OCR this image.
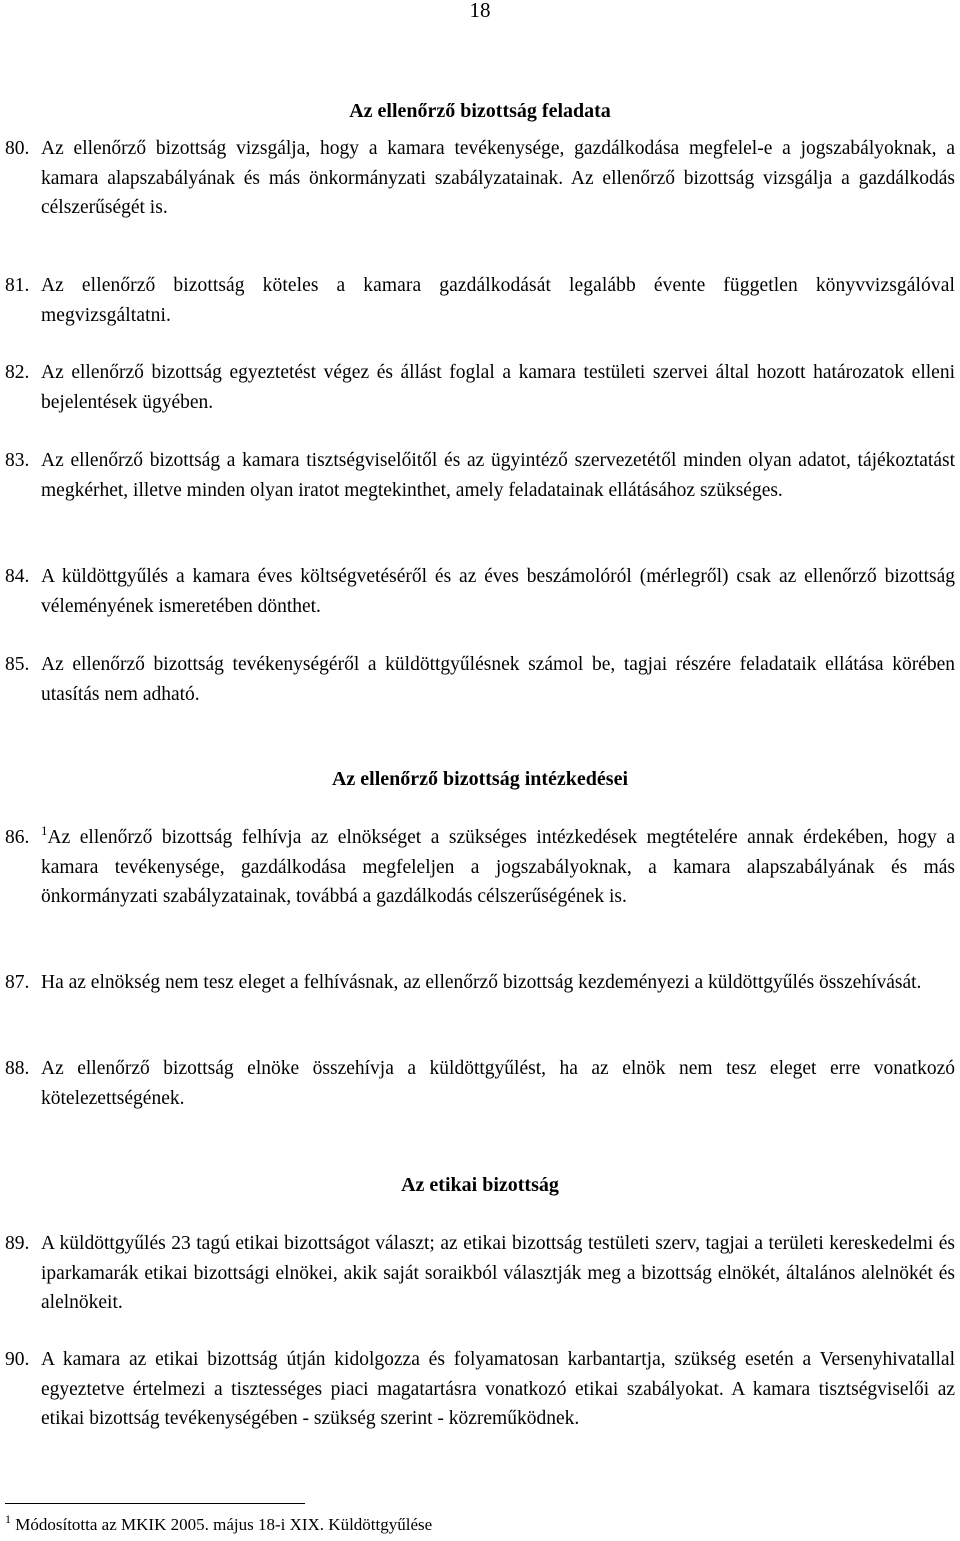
18
Az ellenőrző bizottság feladata
80. Az ellenőrző bizottság vizsgálja, hogy a kamara tevékenysége, gazdálkodása megfelel-e a jogszabályoknak, a kamara alapszabályának és más önkormányzati szabályzatainak. Az ellenőrző bizottság vizsgálja a gazdálkodás célszerűségét is.
81. Az ellenőrző bizottság köteles a kamara gazdálkodását legalább évente független könyvvizsgálóval megvizsgáltatni.
82. Az ellenőrző bizottság egyeztetést végez és állást foglal a kamara testületi szervei által hozott határozatok elleni bejelentések ügyében.
83. Az ellenőrző bizottság a kamara tisztségviselőitől és az ügyintéző szervezetétől minden olyan adatot, tájékoztatást megkérhet, illetve minden olyan iratot megtekinthet, amely feladatainak ellátásához szükséges.
84. A küldöttgyűlés a kamara éves költségvetéséről és az éves beszámolóról (mérlegről) csak az ellenőrző bizottság véleményének ismeretében dönthet.
85. Az ellenőrző bizottság tevékenységéről a küldöttgyűlésnek számol be, tagjai részére feladataik ellátása körében utasítás nem adható.
Az ellenőrző bizottság intézkedései
86. $^1$Az ellenőrző bizottság felhívja az elnökséget a szükséges intézkedések megtételére annak érdekében, hogy a kamara tevékenysége, gazdálkodása megfeleljen a jogszabályoknak, a kamara alapszabályának és más önkormányzati szabályzatainak, továbbá a gazdálkodás célszerűségének is.
87. Ha az elnökség nem tesz eleget a felhívásnak, az ellenőrző bizottság kezdeményezi a küldöttgyűlés összehívását.
88. Az ellenőrző bizottság elnöke összehívja a küldöttgyűlést, ha az elnök nem tesz eleget erre vonatkozó kötelezettségének.
Az etikai bizottság
89. A küldöttgyűlés 23 tagú etikai bizottságot választ; az etikai bizottság testületi szerv, tagjai a területi kereskedelmi és iparkamarák etikai bizottsági elnökei, akik saját soraikból választják meg a bizottság elnökét, általános alelnökét és alelnökeit.
90. A kamara az etikai bizottság útján kidolgozza és folyamatosan karbantartja, szükség esetén a Versenyhivatallal egyeztetve értelmezi a tisztességes piaci magatartásra vonatkozó etikai szabályokat. A kamara tisztségviselői az etikai bizottság tevékenységében - szükség szerint - közreműködnek.
$^1$ Módosította az MKIK 2005. május 18-i XIX. Küldöttgyűlése
